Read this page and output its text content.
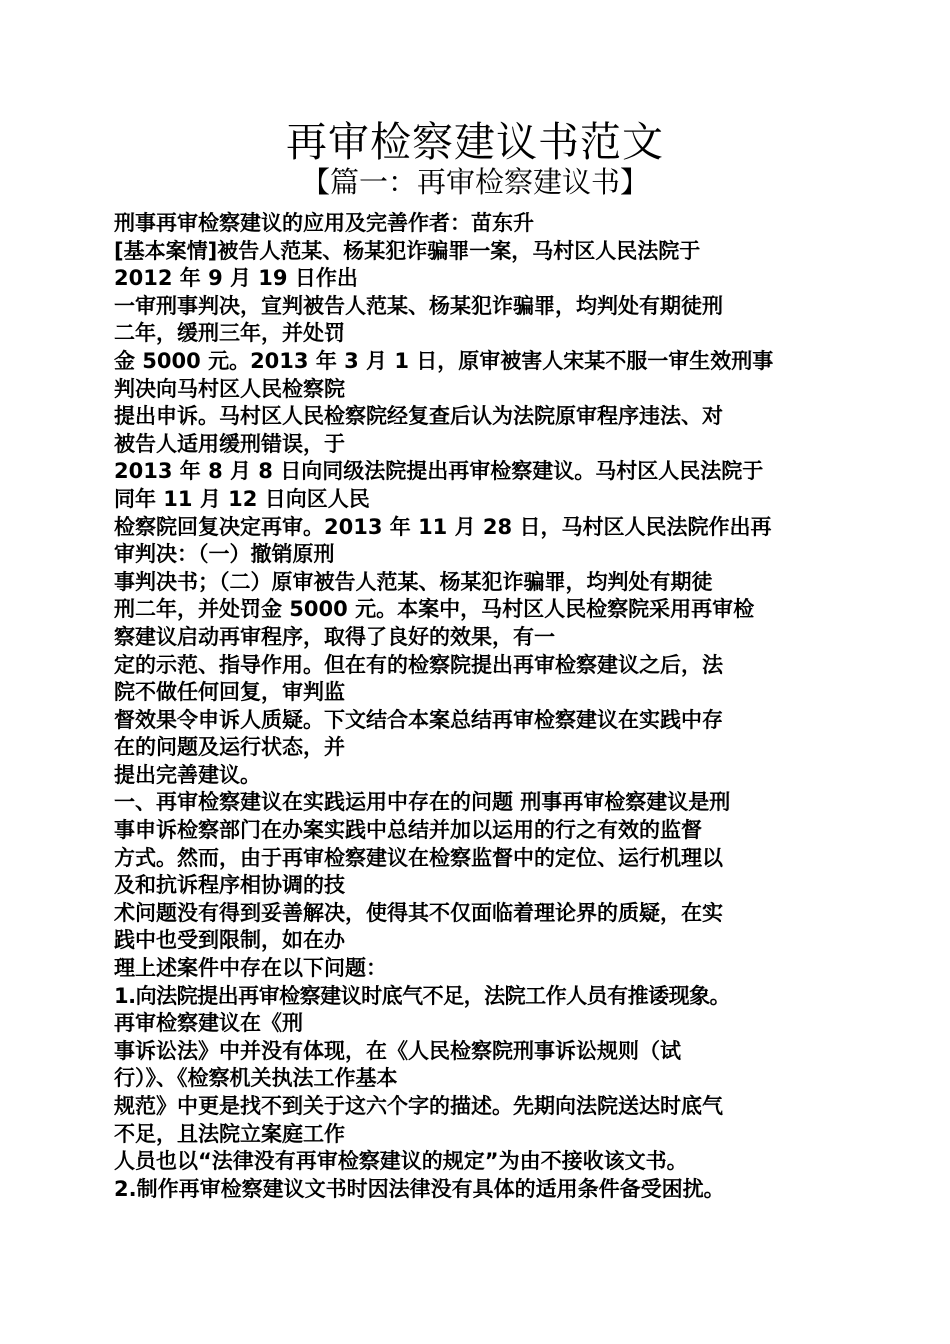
再审检察建议书范文
【篇一：再审检察建议书】
刑事再审检察建议的应用及完善作者：苗东升
[基本案情]被告人范某、杨某犯诈骗罪一案，马村区人民法院于
2012 年 9 月 19 日作出
一审刑事判决，宣判被告人范某、杨某犯诈骗罪，均判处有期徒刑
二年，缓刑三年，并处罚
金 5000 元。2013 年 3 月 1 日，原审被害人宋某不服一审生效刑事
判决向马村区人民检察院
提出申诉。马村区人民检察院经复查后认为法院原审程序违法、对
被告人适用缓刑错误，于
2013 年 8 月 8 日向同级法院提出再审检察建议。马村区人民法院于
同年 11 月 12 日向区人民
检察院回复决定再审。2013 年 11 月 28 日，马村区人民法院作出再
审判决：（一）撤销原刑
事判决书；（二）原审被告人范某、杨某犯诈骗罪，均判处有期徒
刑二年，并处罚金 5000 元。本案中，马村区人民检察院采用再审检
察建议启动再审程序，取得了良好的效果，有一
定的示范、指导作用。但在有的检察院提出再审检察建议之后，法
院不做任何回复，审判监
督效果令申诉人质疑。下文结合本案总结再审检察建议在实践中存
在的问题及运行状态，并
提出完善建议。
一、再审检察建议在实践运用中存在的问题 刑事再审检察建议是刑
事申诉检察部门在办案实践中总结并加以运用的行之有效的监督
方式。然而，由于再审检察建议在检察监督中的定位、运行机理以
及和抗诉程序相协调的技
术问题没有得到妥善解决，使得其不仅面临着理论界的质疑，在实
践中也受到限制，如在办
理上述案件中存在以下问题：
1.向法院提出再审检察建议时底气不足，法院工作人员有推诿现象。
再审检察建议在《刑
事诉讼法》中并没有体现，在《人民检察院刑事诉讼规则（试
行）》、《检察机关执法工作基本
规范》中更是找不到关于这六个字的描述。先期向法院送达时底气
不足，且法院立案庭工作
人员也以“法律没有再审检察建议的规定”为由不接收该文书。
2.制作再审检察建议文书时因法律没有具体的适用条件备受困扰。
